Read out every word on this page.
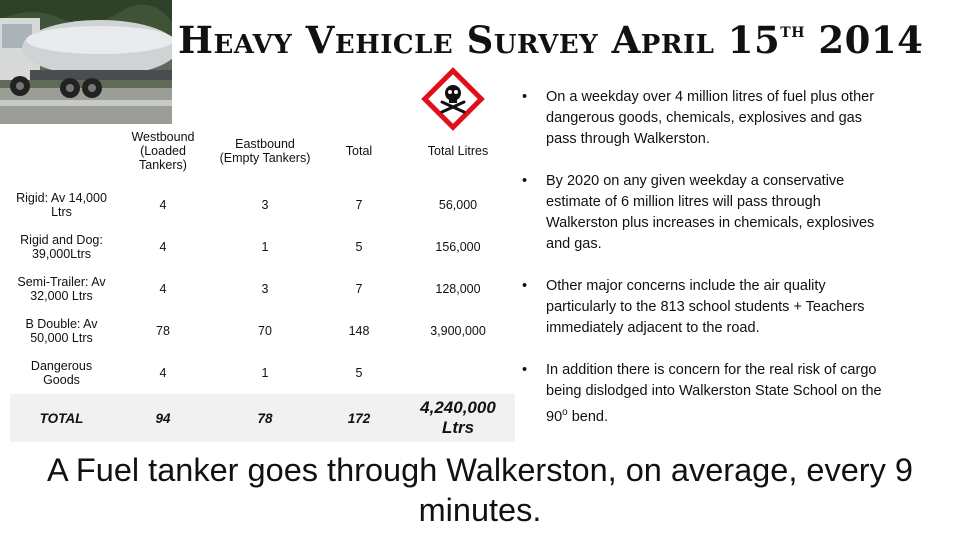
Heavy Vehicle Survey April 15th 2014
	Westbound (Loaded Tankers)	Eastbound (Empty Tankers)	Total	Total Litres
Rigid: Av 14,000 Ltrs	4	3	7	56,000
Rigid and Dog: 39,000Ltrs	4	1	5	156,000
Semi-Trailer: Av 32,000 Ltrs	4	3	7	128,000
B Double: Av 50,000 Ltrs	78	70	148	3,900,000
Dangerous Goods	4	1	5	
TOTAL	94	78	172	4,240,000 Ltrs
• On a weekday over 4 million litres of fuel plus other dangerous goods, chemicals, explosives and gas pass through Walkerston.
• By 2020 on any given weekday a conservative estimate of 6 million litres will pass through Walkerston plus increases in chemicals, explosives and gas.
• Other major concerns include the air quality particularly to the 813 school students + Teachers immediately adjacent to the road.
• In addition there is concern for the real risk of cargo being dislodged into Walkerston State School on the 90$^o$ bend.
A Fuel tanker goes through Walkerston, on average, every 9 minutes.
